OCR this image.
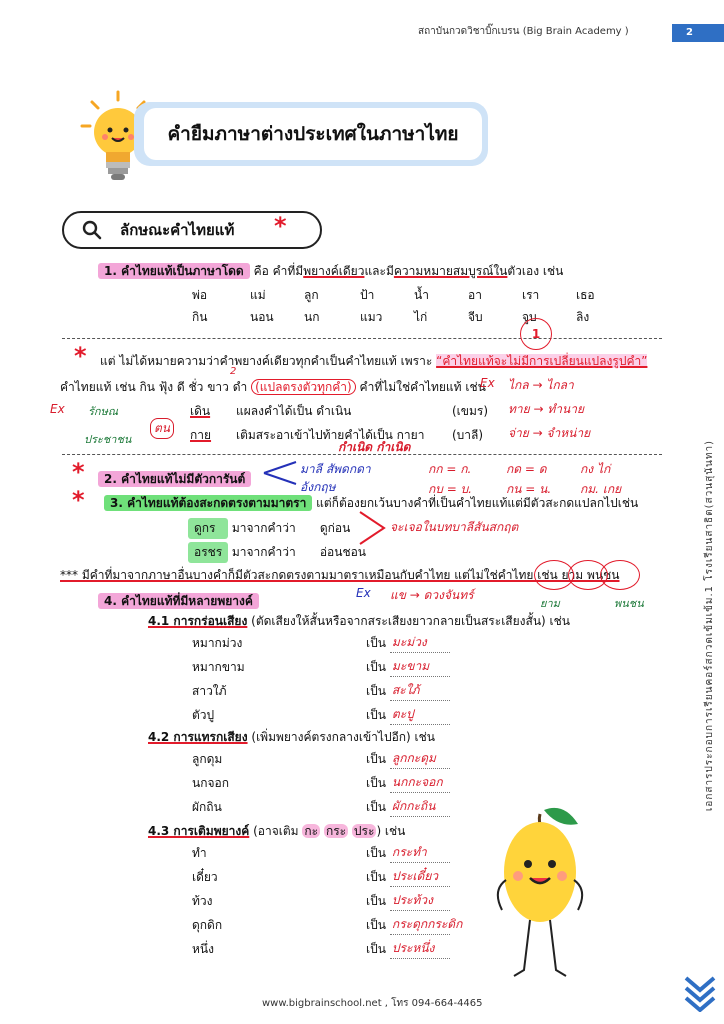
สถาบันกวดวิชาบิ๊กเบรน (Big Brain Academy )	2
คำยืมภาษาต่างประเทศในภาษาไทย
ลักษณะคำไทยแท้ *
1. คำไทยแท้เป็นภาษาโดด คือ คำที่มีพยางค์เดียวและมีความหมายสมบูรณ์ในตัวเอง เช่น
พ่อ	แม่	ลูก	ป้า	น้ำ	อา	เรา	เธอ
กิน	นอน	นก	แมว	ไก่	จีบ	จูบ	ลิง
* แต่ ไม่ได้หมายความว่าคำพยางค์เดียวทุกคำเป็นคำไทยแท้ เพราะ “คำไทยแท้จะไม่มีการเปลี่ยนแปลงรูปคำ”
คำไทยแท้ เช่น กิน ฟุ้ง ดี ชั่ว ขาว ดำ (แปลตรงตัวทุกคำ) คำที่ไม่ใช่คำไทยแท้ เช่น
เดิน แผลงคำได้เป็น ดำเนิน	(เขมร)
กาย เติมสระอาเข้าไปท้ายคำได้เป็น กายา (บาลี)
*	2. คำไทยแท้ไม่มีตัวการันต์
*	3. คำไทยแท้ต้องสะกดตรงตามมาตรา แต่ก็ต้องยกเว้นบางคำที่เป็นคำไทยแท้แต่มีตัวสะกดแปลกไปเช่น
ดูกร มาจากคำว่า ดูก่อน
อรชร มาจากคำว่า อ่อนชอน
*** มีคำที่มาจากภาษาอื่นบางคำก็มีตัวสะกดตรงตามมาตราเหมือนกับคำไทย แต่ไม่ใช่คำไทย เช่น ยาม พนชน
4. คำไทยแท้ที่มีหลายพยางค์
4.1 การกร่อนเสียง (ตัดเสียงให้สั้นหรือจากสระเสียงยาวกลายเป็นสระเสียงสั้น) เช่น
หมากม่วง	เป็น มะม่วง
หมากขาม	เป็น มะขาม
สาวใภ้	เป็น สะใภ้
ตัวปู	เป็น ตะปู
4.2 การแทรกเสียง (เพิ่มพยางค์ตรงกลางเข้าไปอีก) เช่น
ลูกดุม	เป็น ลูกกะดุม
นกจอก	เป็น นกกะจอก
ผักถิน	เป็น ผักกะถิน
4.3 การเติมพยางค์ (อาจเติม กะ กระ ประ ) เช่น
ทำ	เป็น กระทำ
เดี๋ยว	เป็น ประเดี๋ยว
ท้วง	เป็น ประท้วง
ดุกดิก	เป็น กระดุกกระดิก
หนึ่ง	เป็น ประหนึ่ง
1
2
Ex รักษณ
ประชาชน
ตน
Ex ไกล → ไกลา
ทาย → ทำนาย
จ่าย → จำหน่าย
กำเนิด กำเนิด
กก = ก.
กบ = บ.
กด = ด
กน = น.
กง ไก่
กม. เกย
มาลี สัพดกดา
อังกฤษ
จะเจอในบทบาลีสันสกฤต
Ex แข → ดวงจันทร์
ยาม	พนชน	เอกสารประกอบการเรียนคอร์สกวดเข้มเข้ม.1 โรงเรียนสาธิต(สวนสุนันทา)
www.bigbrainschool.net , โทร 094-664-4465
